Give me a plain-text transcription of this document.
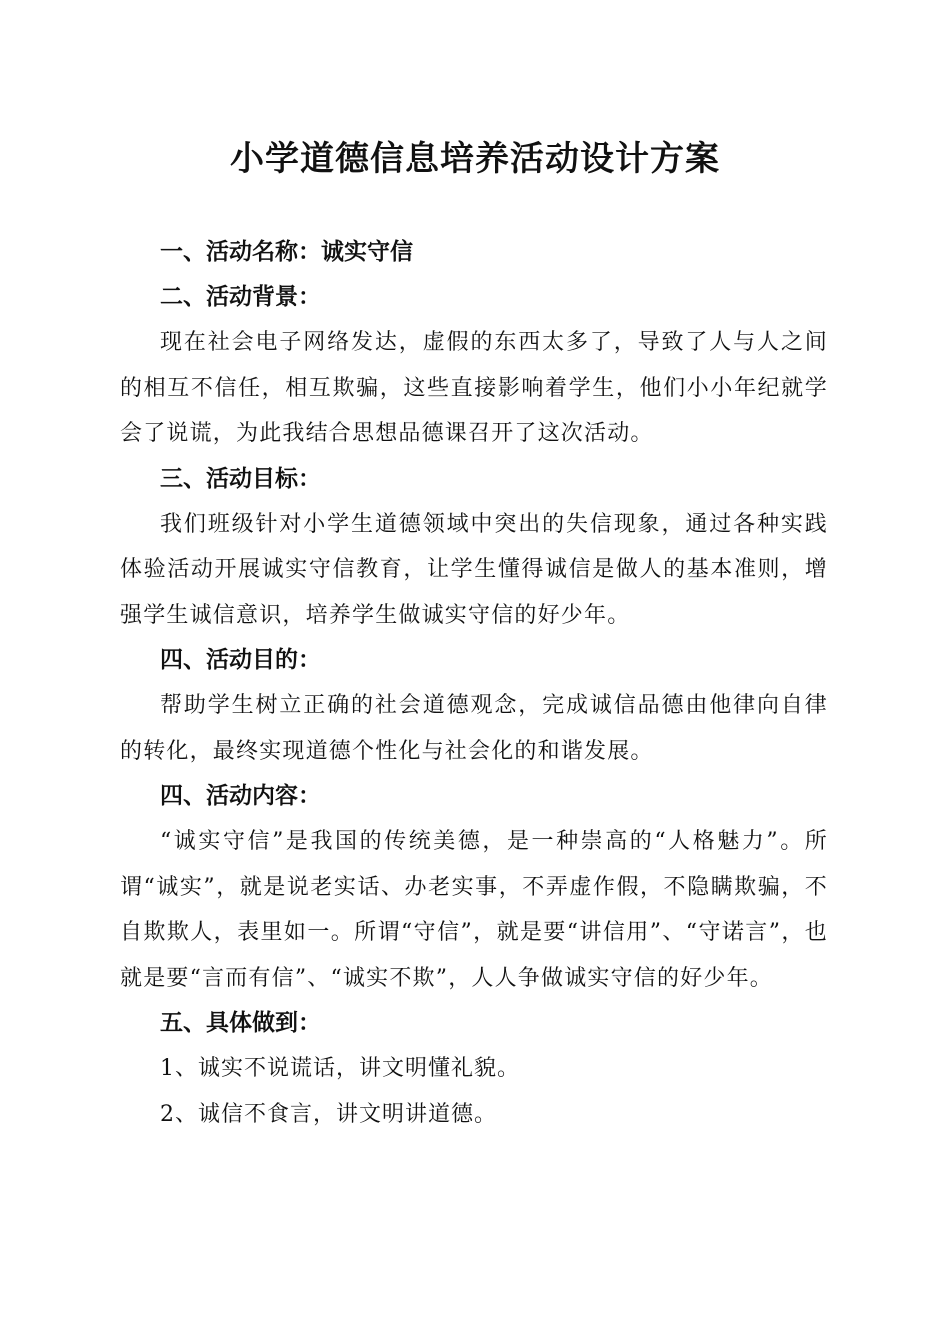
小学道德信息培养活动设计方案

一、活动名称：诚实守信

二、活动背景：

现在社会电子网络发达，虚假的东西太多了，导致了人与人之间的相互不信任，相互欺骗，这些直接影响着学生，他们小小年纪就学会了说谎，为此我结合思想品德课召开了这次活动。

三、活动目标：

我们班级针对小学生道德领域中突出的失信现象，通过各种实践体验活动开展诚实守信教育，让学生懂得诚信是做人的基本准则，增强学生诚信意识，培养学生做诚实守信的好少年。

四、活动目的：

帮助学生树立正确的社会道德观念，完成诚信品德由他律向自律的转化，最终实现道德个性化与社会化的和谐发展。

四、活动内容：

“诚实守信”是我国的传统美德，是一种崇高的“人格魅力”。所谓“诚实”，就是说老实话、办老实事，不弄虚作假，不隐瞒欺骗，不自欺欺人，表里如一。所谓“守信”，就是要“讲信用”、“守诺言”，也就是要“言而有信”、“诚实不欺”，人人争做诚实守信的好少年。

五、具体做到：

1、诚实不说谎话，讲文明懂礼貌。

2、诚信不食言，讲文明讲道德。
